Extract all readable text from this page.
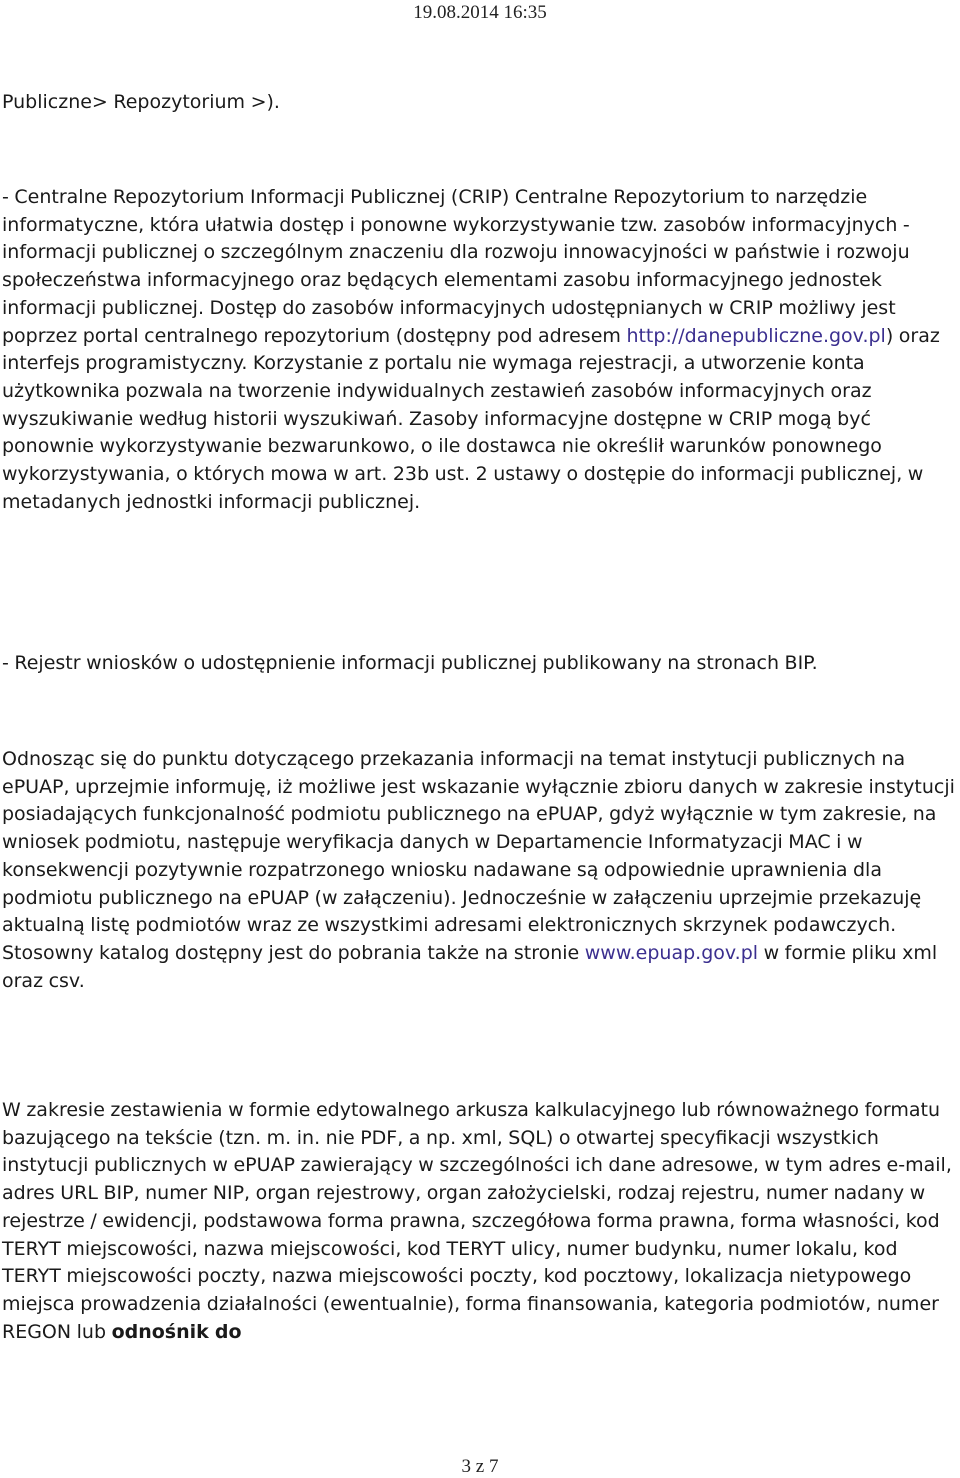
19.08.2014 16:35

Publiczne> Repozytorium >).

- Centralne Repozytorium Informacji Publicznej (CRIP) Centralne Repozytorium to narzędzie informatyczne, która ułatwia dostęp i ponowne wykorzystywanie tzw. zasobów informacyjnych - informacji publicznej o szczególnym znaczeniu dla rozwoju innowacyjności w państwie i rozwoju społeczeństwa informacyjnego oraz będących elementami zasobu informacyjnego jednostek informacji publicznej. Dostęp do zasobów informacyjnych udostępnianych w CRIP możliwy jest poprzez portal centralnego repozytorium (dostępny pod adresem http://danepubliczne.gov.pl) oraz interfejs programistyczny. Korzystanie z portalu nie wymaga rejestracji, a utworzenie konta użytkownika pozwala na tworzenie indywidualnych zestawień zasobów informacyjnych oraz wyszukiwanie według historii wyszukiwań. Zasoby informacyjne dostępne w CRIP mogą być ponownie wykorzystywanie bezwarunkowo, o ile dostawca nie określił warunków ponownego wykorzystywania, o których mowa w art. 23b ust. 2 ustawy o dostępie do informacji publicznej, w metadanych jednostki informacji publicznej.

- Rejestr wniosków o udostępnienie informacji publicznej publikowany na stronach BIP.

Odnosząc się do punktu dotyczącego przekazania informacji na temat instytucji publicznych na ePUAP, uprzejmie informuję, iż możliwe jest wskazanie wyłącznie zbioru danych w zakresie instytucji posiadających funkcjonalność podmiotu publicznego na ePUAP, gdyż wyłącznie w tym zakresie, na wniosek podmiotu, następuje weryfikacja danych w Departamencie Informatyzacji MAC i w konsekwencji pozytywnie rozpatrzonego wniosku nadawane są odpowiednie uprawnienia dla podmiotu publicznego na ePUAP (w załączeniu). Jednocześnie w załączeniu uprzejmie przekazuję aktualną listę podmiotów wraz ze wszystkimi adresami elektronicznych skrzynek podawczych. Stosowny katalog dostępny jest do pobrania także na stronie www.epuap.gov.pl w formie pliku xml oraz csv.

W zakresie zestawienia w formie edytowalnego arkusza kalkulacyjnego lub równoważnego formatu bazującego na tekście (tzn. m. in. nie PDF, a np. xml, SQL) o otwartej specyfikacji wszystkich instytucji publicznych w ePUAP zawierający w szczególności ich dane adresowe, w tym adres e-mail, adres URL BIP, numer NIP, organ rejestrowy, organ założycielski, rodzaj rejestru, numer nadany w rejestrze / ewidencji, podstawowa forma prawna, szczegółowa forma prawna, forma własności, kod TERYT miejscowości, nazwa miejscowości, kod TERYT ulicy, numer budynku, numer lokalu, kod TERYT miejscowości poczty, nazwa miejscowości poczty, kod pocztowy, lokalizacja nietypowego miejsca prowadzenia działalności (ewentualnie), forma finansowania, kategoria podmiotów, numer REGON lub odnośnik do

3 z 7
